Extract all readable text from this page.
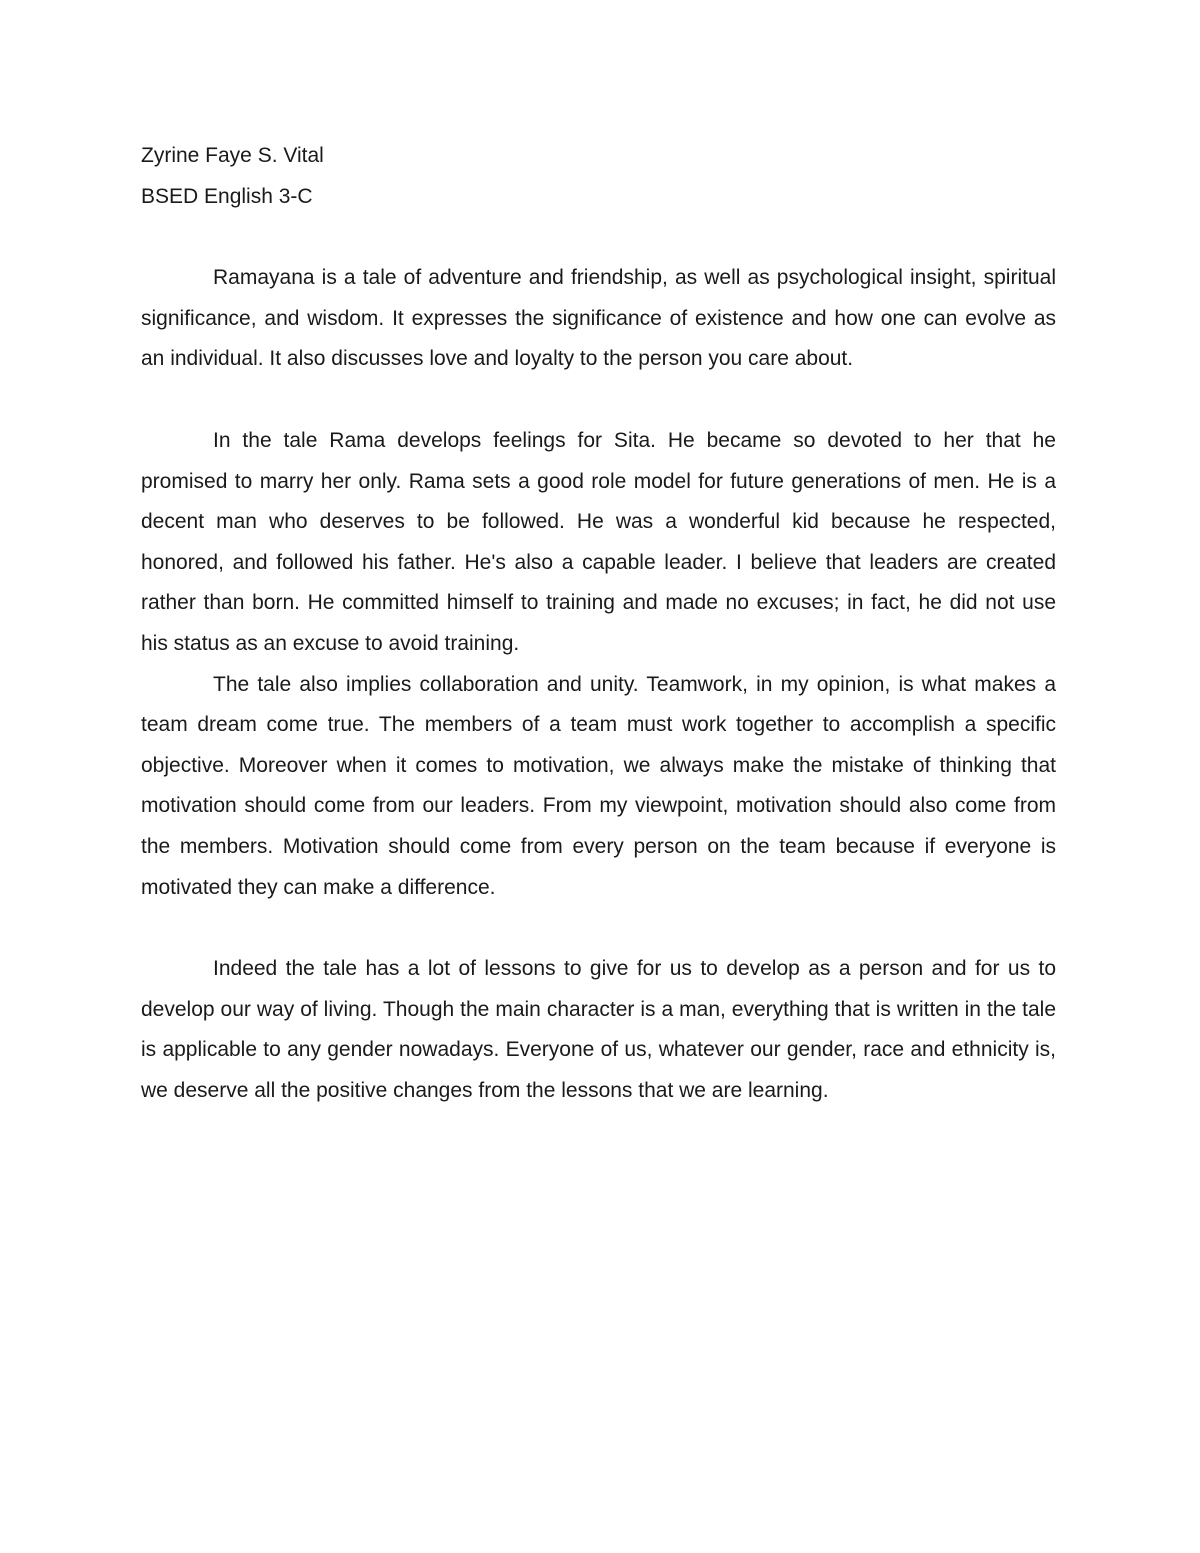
Zyrine Faye S. Vital

BSED English 3-C

Ramayana is a tale of adventure and friendship, as well as psychological insight, spiritual significance, and wisdom. It expresses the significance of existence and how one can evolve as an individual. It also discusses love and loyalty to the person you care about.

In the tale Rama develops feelings for Sita. He became so devoted to her that he promised to marry her only. Rama sets a good role model for future generations of men. He is a decent man who deserves to be followed. He was a wonderful kid because he respected, honored, and followed his father. He's also a capable leader. I believe that leaders are created rather than born. He committed himself to training and made no excuses; in fact, he did not use his status as an excuse to avoid training.

The tale also implies collaboration and unity. Teamwork, in my opinion, is what makes a team dream come true. The members of a team must work together to accomplish a specific objective. Moreover when it comes to motivation, we always make the mistake of thinking that motivation should come from our leaders. From my viewpoint, motivation should also come from the members. Motivation should come from every person on the team because if everyone is motivated they can make a difference.

Indeed the tale has a lot of lessons to give for us to develop as a person and for us to develop our way of living. Though the main character is a man, everything that is written in the tale is applicable to any gender nowadays. Everyone of us, whatever our gender, race and ethnicity is, we deserve all the positive changes from the lessons that we are learning.
